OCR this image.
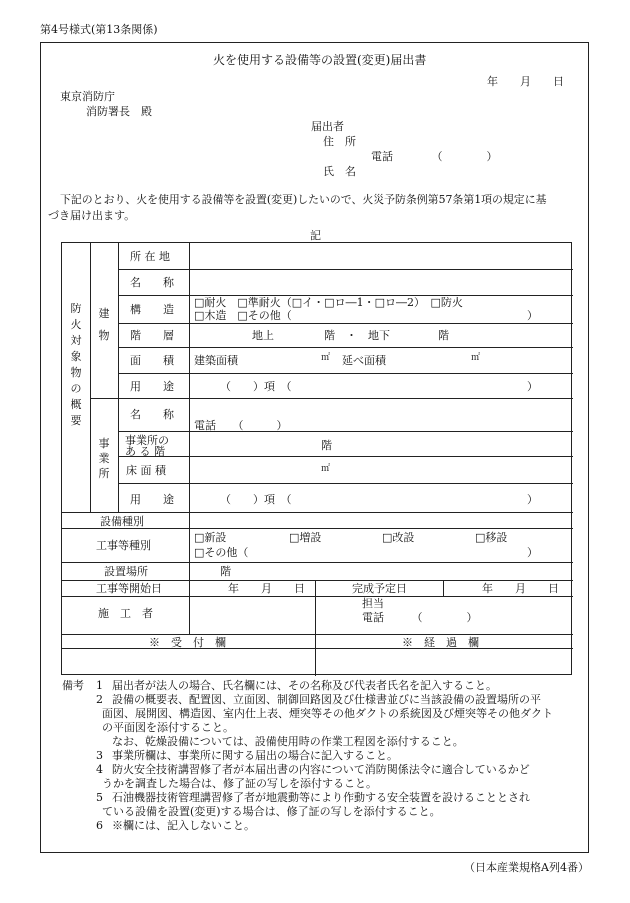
第4号様式(第13条関係)
火を使用する設備等の設置(変更)届出書
年　　月　　日
東京消防庁
消防署長　殿
届出者
住　所
電話　　　　（　　　　）
氏　名
下記のとおり、火を使用する設備等を設置(変更)したいので、火災予防条例第57条第1項の規定に基
づき届け出ます。
記
防
火
対
象
物
の
概
要
建
物
事
業
所
所 在 地
名　　称
構　　造
□耐火　□準耐火（□イ・□ロ―1・□ロ―2）　□防火
□木造　□その他（	）
階　　層	地上	階　・　地下	階
面　　積 建築面積	㎡ 延べ面積	㎡
用　　途	（　　）項　（	）
名　　称
電話　　（　　　）
事業所の
あ る 階	階
床 面 積	㎡
用　　途	（　　）項　（	）
設備種別
工事等種別
□新設	□増設	□改設	□移設
□その他（	）
設置場所	階
工事等開始日	年　　月　　日	完成予定日	年　　月　　日
施　工　者
担当
電話　　　（　　　　）
※　受　付　欄	※　経　過　欄
備考 1 届出者が法人の場合、氏名欄には、その名称及び代表者氏名を記入すること。
2 設備の概要表、配置図、立面図、制御回路図及び仕様書並びに当該設備の設置場所の平
面図、展開図、構造図、室内仕上表、煙突等その他ダクトの系統図及び煙突等その他ダクト
の平面図を添付すること。
なお、乾燥設備については、設備使用時の作業工程図を添付すること。
3 事業所欄は、事業所に関する届出の場合に記入すること。
4 防火安全技術講習修了者が本届出書の内容について消防関係法令に適合しているかど
うかを調査した場合は、修了証の写しを添付すること。
5 石油機器技術管理講習修了者が地震動等により作動する安全装置を設けることとされ
ている設備を設置(変更)する場合は、修了証の写しを添付すること。
6 ※欄には、記入しないこと。
（日本産業規格A列4番）
